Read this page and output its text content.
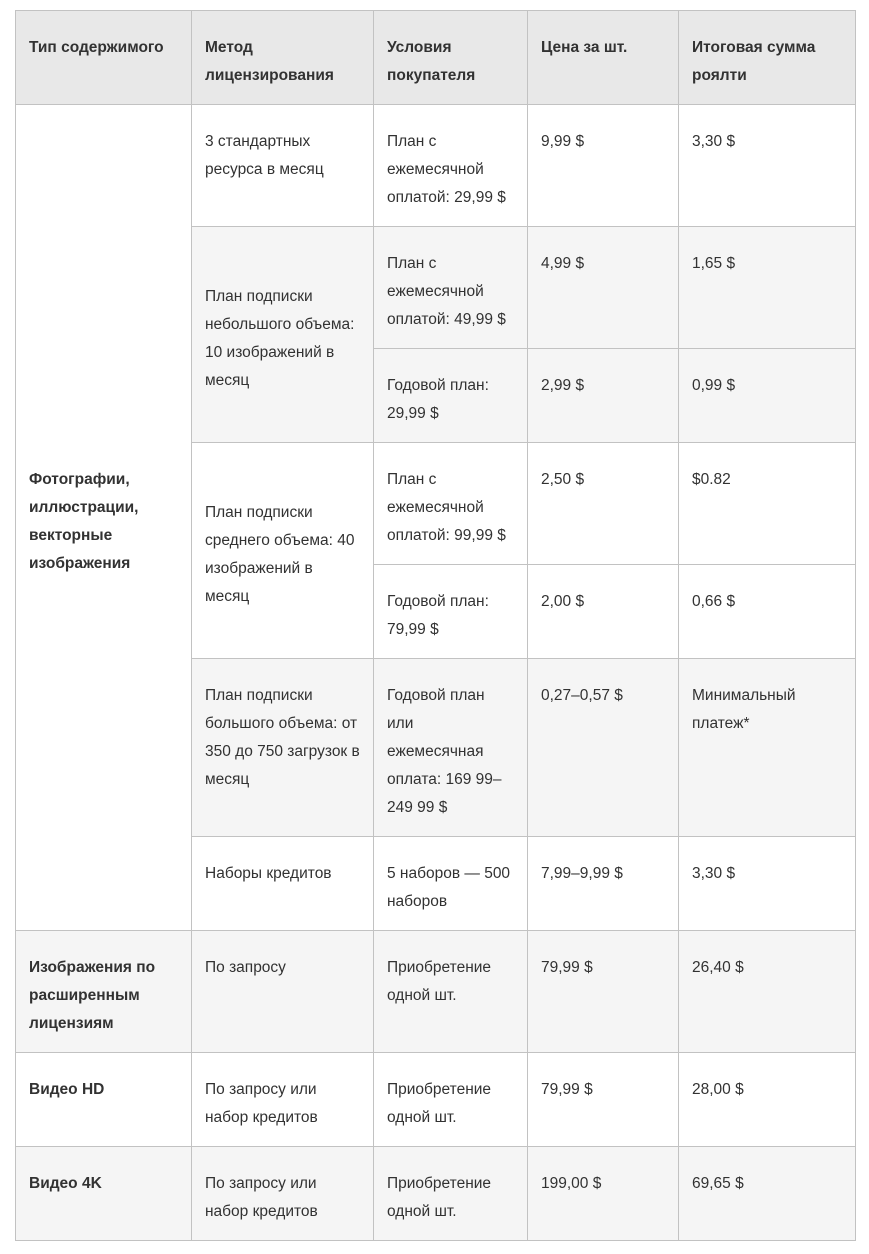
Тип содержимого	Метод лицензирования	Условия покупателя	Цена за шт.	Итоговая сумма роялти
Фотографии, иллюстрации, векторные изображения	3 стандартных ресурса в месяц	План с ежемесячной оплатой: 29,99 $	9,99 $	3,30 $
	План подписки небольшого объема: 10 изображений в месяц	План с ежемесячной оплатой: 49,99 $	4,99 $	1,65 $
		Годовой план: 29,99 $	2,99 $	0,99 $
	План подписки среднего объема: 40 изображений в месяц	План с ежемесячной оплатой: 99,99 $	2,50 $	$0.82
		Годовой план: 79,99 $	2,00 $	0,66 $
	План подписки большого объема: от 350 до 750 загрузок в месяц	Годовой план или ежемесячная оплата: 169 99–249 99 $	0,27–0,57 $	Минимальный платеж*
	Наборы кредитов	5 наборов — 500 наборов	7,99–9,99 $	3,30 $
Изображения по расширенным лицензиям	По запросу	Приобретение одной шт.	79,99 $	26,40 $
Видео HD	По запросу или набор кредитов	Приобретение одной шт.	79,99 $	28,00 $
Видео 4K	По запросу или набор кредитов	Приобретение одной шт.	199,00 $	69,65 $
